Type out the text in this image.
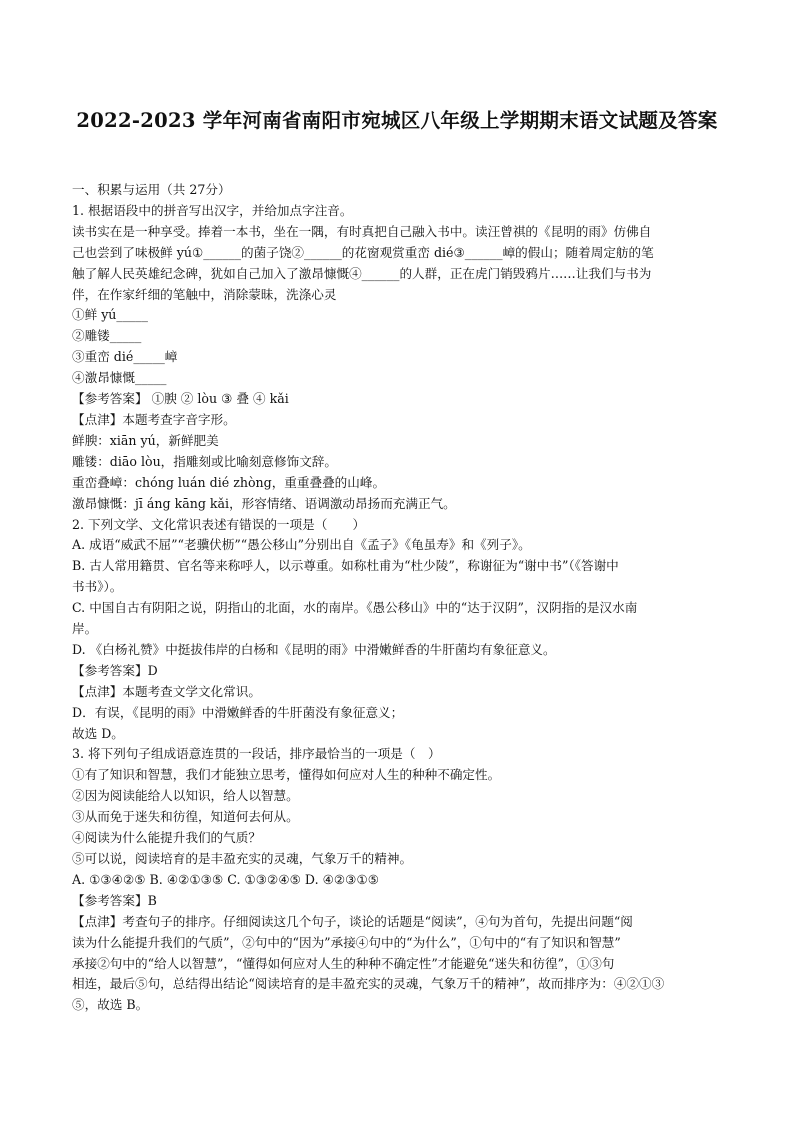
2022-2023 学年河南省南阳市宛城区八年级上学期期末语文试题及答案

一、积累与运用（共 27分）

1. 根据语段中的拼音写出汉字，并给加点字注音。

读书实在是一种享受。捧着一本书，坐在一隅，有时真把自己融入书中。读汪曾祺的《昆明的雨》仿佛自

己也尝到了味极鲜 yú①______的菌子饶②______的花窗观赏重峦 dié③______嶂的假山；随着周定舫的笔

触了解人民英雄纪念碑，犹如自己加入了激昂慷慨④______的人群，正在虎门销毁鸦片……让我们与书为

伴，在作家纤细的笔触中，消除蒙昧，洗涤心灵

①鲜 yú_____

②雕镂_____

③重峦 dié_____嶂

④激昂慷慨_____

【参考答案】 ①腴 ② lòu ③ 叠 ④ kǎi

【点津】本题考查字音字形。

鲜腴：xiān yú，新鲜肥美

雕镂：diāo lòu，指雕刻或比喻刻意修饰文辞。

重峦叠嶂：chóng luán dié zhòng，重重叠叠的山峰。

激昂慷慨：jī áng kāng kǎi，形容情绪、语调激动昂扬而充满正气。

2. 下列文学、文化常识表述有错误的一项是（　　）

A. 成语“威武不屈”“老骥伏枥”“愚公移山”分别出自《孟子》《龟虽寿》和《列子》。

B. 古人常用籍贯、官名等来称呼人，以示尊重。如称杜甫为“杜少陵”，称谢征为“谢中书”（《答谢中

书书》）。

C. 中国自古有阴阳之说，阴指山的北面，水的南岸。《愚公移山》中的“达于汉阴”，汉阴指的是汉水南

岸。

D. 《白杨礼赞》中挺拔伟岸的白杨和《昆明的雨》中滑嫩鲜香的牛肝菌均有象征意义。

【参考答案】D

【点津】本题考查文学文化常识。

D．有误，《昆明的雨》中滑嫩鲜香的牛肝菌没有象征意义；

故选 D。

3. 将下列句子组成语意连贯的一段话，排序最恰当的一项是（　）

①有了知识和智慧，我们才能独立思考，懂得如何应对人生的种种不确定性。

②因为阅读能给人以知识，给人以智慧。

③从而免于迷失和彷徨，知道何去何从。

④阅读为什么能提升我们的气质？

⑤可以说，阅读培育的是丰盈充实的灵魂，气象万千的精神。

A. ①③④②⑤ B. ④②①③⑤ C. ①③②④⑤ D. ④②③①⑤

【参考答案】B

【点津】考查句子的排序。仔细阅读这几个句子，谈论的话题是“阅读”，④句为首句，先提出问题“阅

读为什么能提升我们的气质”，②句中的“因为”承接④句中的“为什么”，①句中的“有了知识和智慧”

承接②句中的“给人以智慧”，“懂得如何应对人生的种种不确定性”才能避免“迷失和彷徨”，①③句

相连，最后⑤句，总结得出结论“阅读培育的是丰盈充实的灵魂，气象万千的精神”，故而排序为：④②①③

⑤，故选 B。
